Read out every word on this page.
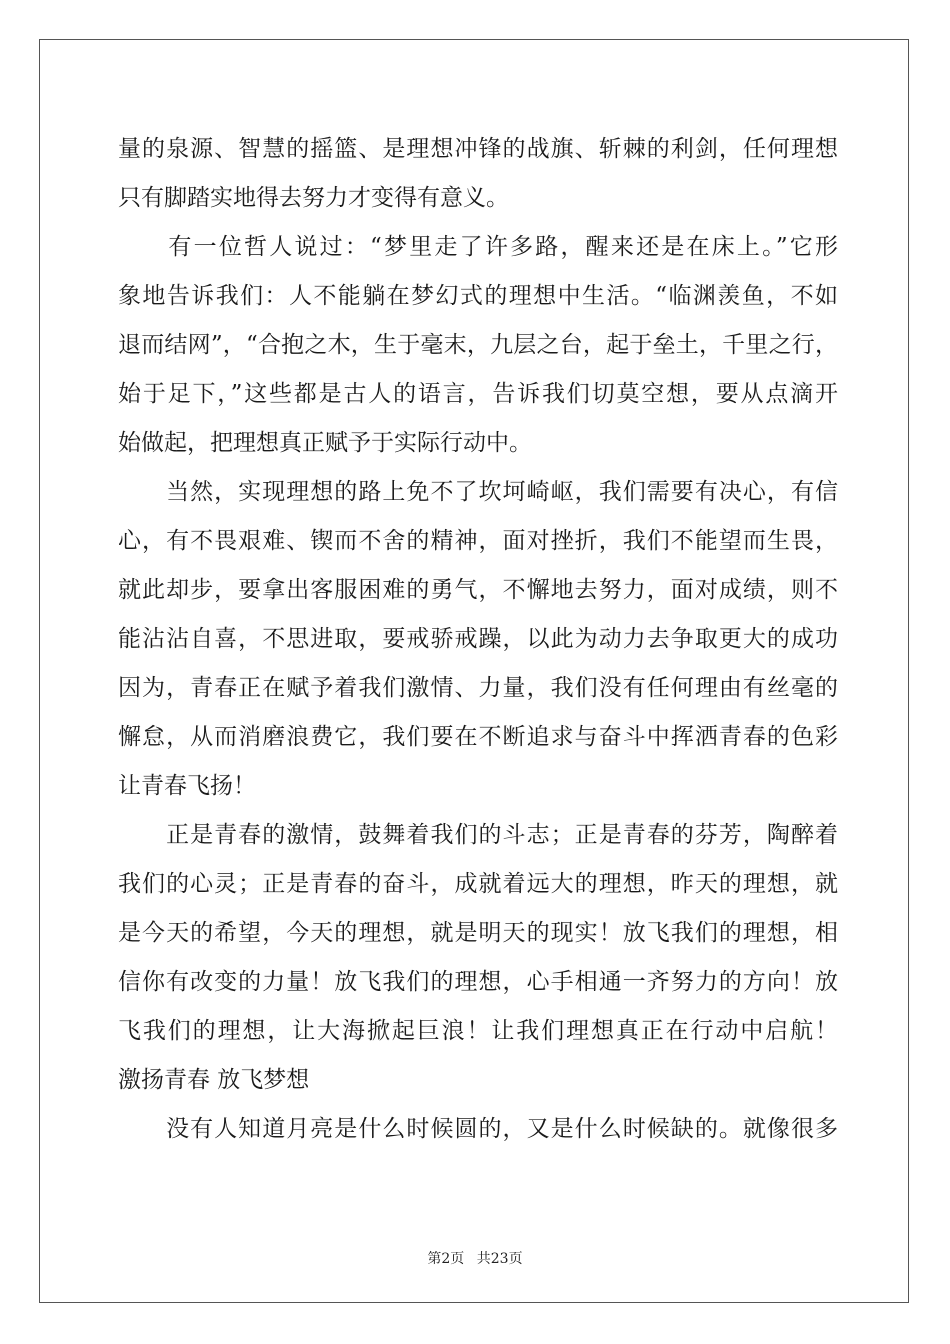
量的泉源、智慧的摇篮、是理想冲锋的战旗、斩棘的利剑，任何理想
只有脚踏实地得去努力才变得有意义。
　　有一位哲人说过：“梦里走了许多路，醒来还是在床上。”它形
象地告诉我们：人不能躺在梦幻式的理想中生活。“临渊羡鱼，不如
退而结网”，“合抱之木，生于毫末，九层之台，起于垒土，千里之行，
始于足下，”这些都是古人的语言，告诉我们切莫空想，要从点滴开
始做起，把理想真正赋予于实际行动中。
　　当然，实现理想的路上免不了坎坷崎岖，我们需要有决心，有信
心，有不畏艰难、锲而不舍的精神，面对挫折，我们不能望而生畏，
就此却步，要拿出客服困难的勇气，不懈地去努力，面对成绩，则不
能沾沾自喜，不思进取，要戒骄戒躁，以此为动力去争取更大的成功
因为，青春正在赋予着我们激情、力量，我们没有任何理由有丝毫的
懈怠，从而消磨浪费它，我们要在不断追求与奋斗中挥洒青春的色彩
让青春飞扬！
　　正是青春的激情，鼓舞着我们的斗志；正是青春的芬芳，陶醉着
我们的心灵；正是青春的奋斗，成就着远大的理想，昨天的理想，就
是今天的希望，今天的理想，就是明天的现实！放飞我们的理想，相
信你有改变的力量！放飞我们的理想，心手相通一齐努力的方向！放
飞我们的理想，让大海掀起巨浪！让我们理想真正在行动中启航！
激扬青春 放飞梦想
　　没有人知道月亮是什么时候圆的，又是什么时候缺的。就像很多
第2页 共23页
